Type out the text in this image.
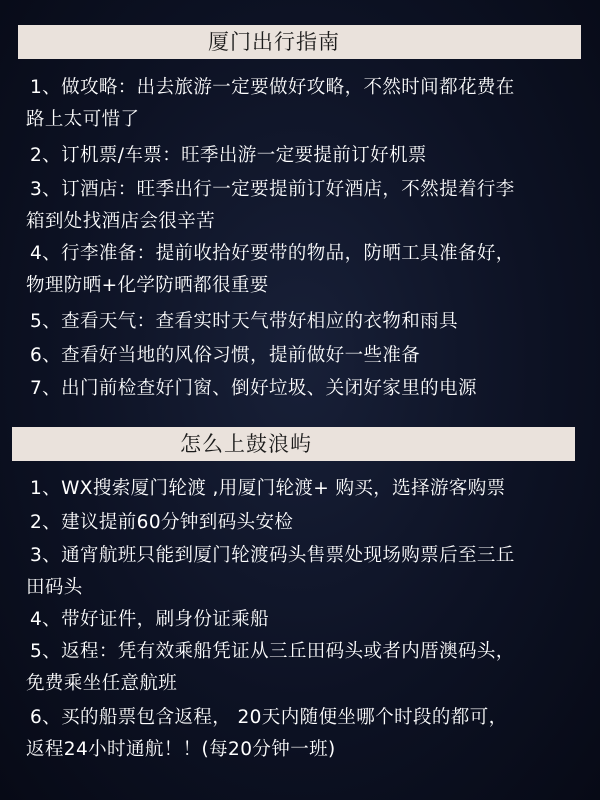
厦门出行指南
1、做攻略：出去旅游一定要做好攻略，不然时间都花费在
路上太可惜了
2、订机票/车票：旺季出游一定要提前订好机票
3、订酒店：旺季出行一定要提前订好酒店，不然提着行李
箱到处找酒店会很辛苦
4、行李准备：提前收拾好要带的物品，防晒工具准备好，
物理防晒+化学防晒都很重要
5、查看天气：查看实时天气带好相应的衣物和雨具
6、查看好当地的风俗习惯，提前做好一些准备
7、出门前检查好门窗、倒好垃圾、关闭好家里的电源
怎么上鼓浪屿
1、WX搜索厦门轮渡 ,用厦门轮渡+ 购买，选择游客购票
2、建议提前60分钟到码头安检
3、通宵航班只能到厦门轮渡码头售票处现场购票后至三丘
田码头
4、带好证件，刷身份证乘船
5、返程：凭有效乘船凭证从三丘田码头或者内厝澳码头，
免费乘坐任意航班
6、买的船票包含返程， 20天内随便坐哪个时段的都可，
返程24小时通航！！(每20分钟一班)
